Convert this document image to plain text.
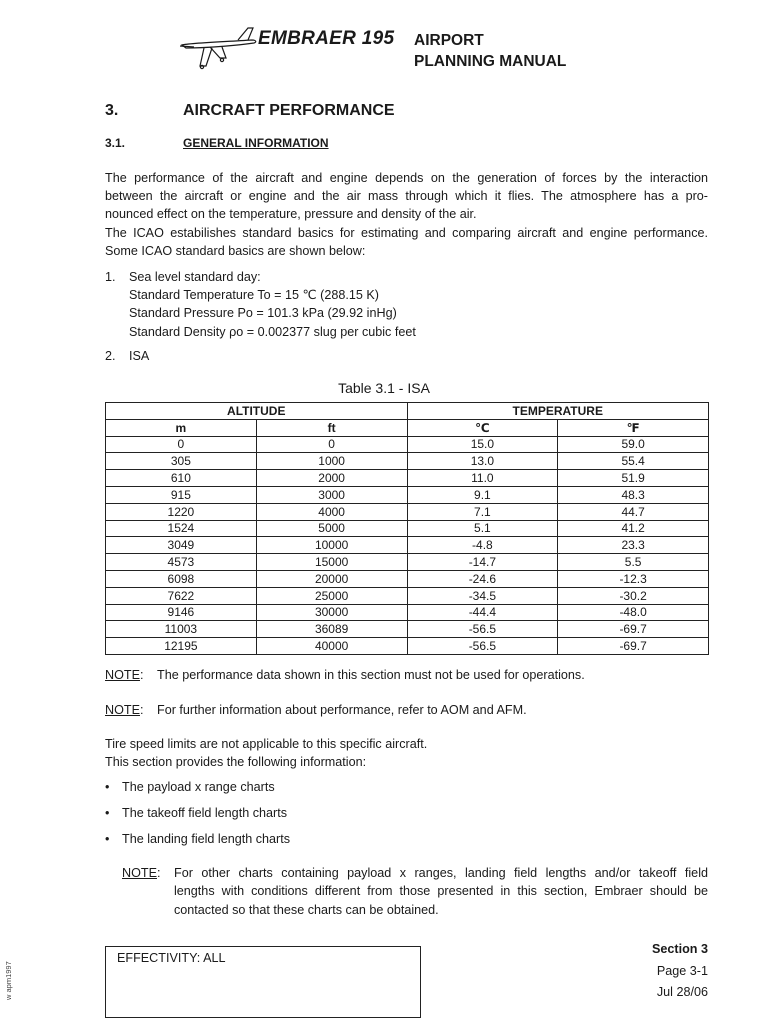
EMBRAER 195 AIRPORT
PLANNING MANUAL
3.	AIRCRAFT PERFORMANCE
3.1.	GENERAL INFORMATION
The performance of the aircraft and engine depends on the generation of forces by the interaction
between the aircraft or engine and the air mass through which it flies. The atmosphere has a pro-
nounced effect on the temperature, pressure and density of the air.
The ICAO estabilishes standard basics for estimating and comparing aircraft and engine performance.
Some ICAO standard basics are shown below:
1. Sea level standard day:
Standard Temperature To = 15 ℃ (288.15 K)
Standard Pressure Po = 101.3 kPa (29.92 inHg)
Standard Density ρo = 0.002377 slug per cubic feet
2. ISA
Table 3.1 - ISA
ALTITUDE		TEMPERATURE	
m	ft	℃	℉
0	0	15.0	59.0
305	1000	13.0	55.4
610	2000	11.0	51.9
915	3000	9.1	48.3
1220	4000	7.1	44.7
1524	5000	5.1	41.2
3049	10000	-4.8	23.3
4573	15000	-14.7	5.5
6098	20000	-24.6	-12.3
7622	25000	-34.5	-30.2
9146	30000	-44.4	-48.0
11003	36089	-56.5	-69.7
12195	40000	-56.5	-69.7
NOTE: The performance data shown in this section must not be used for operations.
NOTE: For further information about performance, refer to AOM and AFM.
Tire speed limits are not applicable to this specific aircraft.
This section provides the following information:
• The payload x range charts
• The takeoff field length charts
• The landing field length charts
NOTE: For other charts containing payload x ranges, landing field lengths and/or takeoff field
lengths with conditions different from those presented in this section, Embraer should be
contacted so that these charts can be obtained.
EFFECTIVITY: ALL
Section 3
Page 3-1
Jul 28/06
w apm1997
